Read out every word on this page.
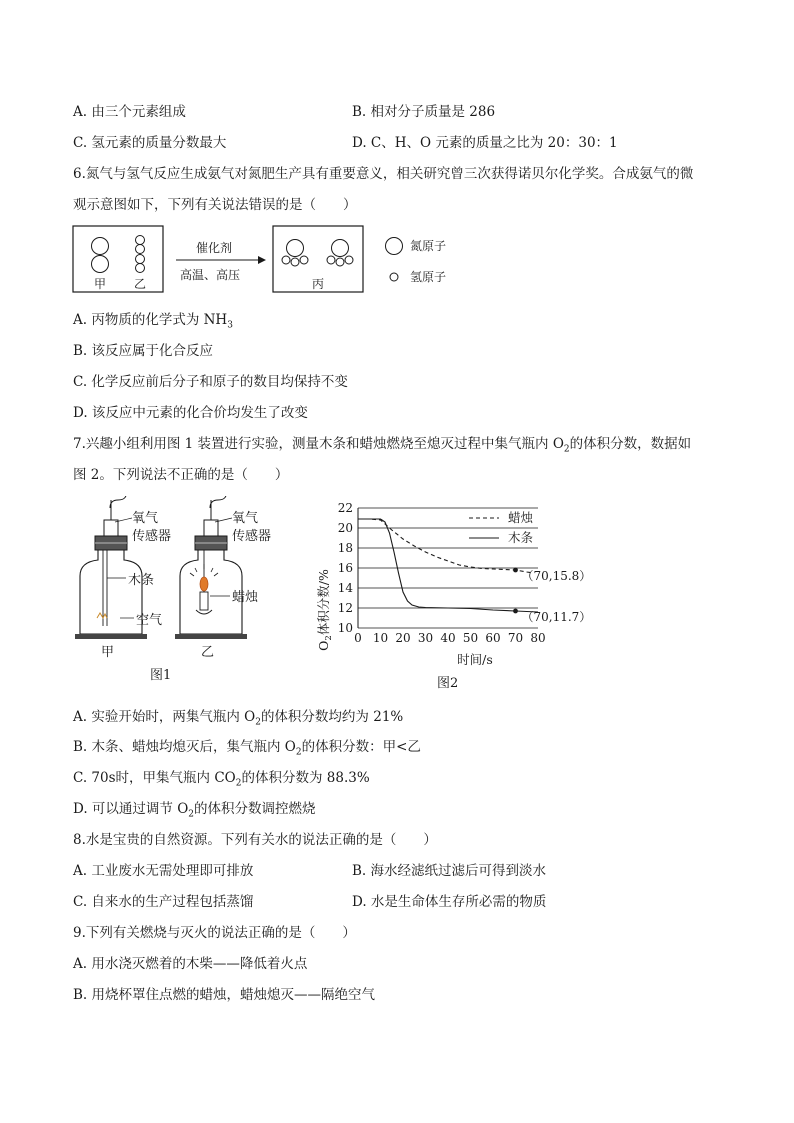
A. 由三个元素组成	B. 相对分子质量是 286
C. 氢元素的质量分数最大	D. C、H、O 元素的质量之比为 20：30：1
6.氮气与氢气反应生成氨气对氮肥生产具有重要意义，相关研究曾三次获得诺贝尔化学奖。合成氨气的微
观示意图如下，下列有关说法错误的是（　　）
甲 乙
催化剂
高温、高压
丙
氮原子
氢原子
A. 丙物质的化学式为 $NH_3$
B. 该反应属于化合反应
C. 化学反应前后分子和原子的数目均保持不变
D. 该反应中元素的化合价均发生了改变
7.兴趣小组利用图 1 装置进行实验，测量木条和蜡烛燃烧至熄灭过程中集气瓶内 $O_2$的体积分数，数据如
图 2。下列说法不正确的是（　　）
氧气
传感器
木条
空气
甲
氧气
传感器
蜡烛
乙
图1
10
12
14
16
18
20
22
0 10 20 30 40 50 60 70 80
（70,15.8）
（70,11.7）
$O_2$体积分数/%
时间/s
蜡烛
木条
图2
A. 实验开始时，两集气瓶内 $O_2$的体积分数均约为 21%
B. 木条、蜡烛均熄灭后，集气瓶内 $O_2$的体积分数：甲<乙
C. 70s时，甲集气瓶内 $CO_2$的体积分数为 88.3%
D. 可以通过调节 $O_2$的体积分数调控燃烧
8.水是宝贵的自然资源。下列有关水的说法正确的是（　　）
A. 工业废水无需处理即可排放	B. 海水经滤纸过滤后可得到淡水
C. 自来水的生产过程包括蒸馏	D. 水是生命体生存所必需的物质
9.下列有关燃烧与灭火的说法正确的是（　　）
A. 用水浇灭燃着的木柴——降低着火点
B. 用烧杯罩住点燃的蜡烛，蜡烛熄灭——隔绝空气
